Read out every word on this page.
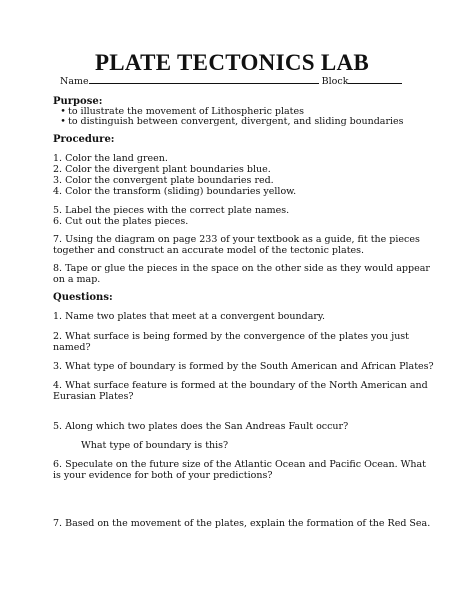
PLATE TECTONICS LAB
Name	Block
Purpose:
• to illustrate the movement of Lithospheric plates
• to distinguish between convergent, divergent, and sliding boundaries
Procedure:
1. Color the land green.
2. Color the divergent plant boundaries blue.
3. Color the convergent plate boundaries red.
4. Color the transform (sliding) boundaries yellow.
5. Label the pieces with the correct plate names.
6. Cut out the plates pieces.
7. Using the diagram on page 233 of your textbook as a guide, fit the pieces
together and construct an accurate model of the tectonic plates.
8. Tape or glue the pieces in the space on the other side as they would appear
on a map.
Questions:
1. Name two plates that meet at a convergent boundary.
2. What surface is being formed by the convergence of the plates you just
named?
3. What type of boundary is formed by the South American and African Plates?
4. What surface feature is formed at the boundary of the North American and
Eurasian Plates?
5. Along which two plates does the San Andreas Fault occur?
What type of boundary is this?
6. Speculate on the future size of the Atlantic Ocean and Pacific Ocean. What
is your evidence for both of your predictions?
7. Based on the movement of the plates, explain the formation of the Red Sea.
